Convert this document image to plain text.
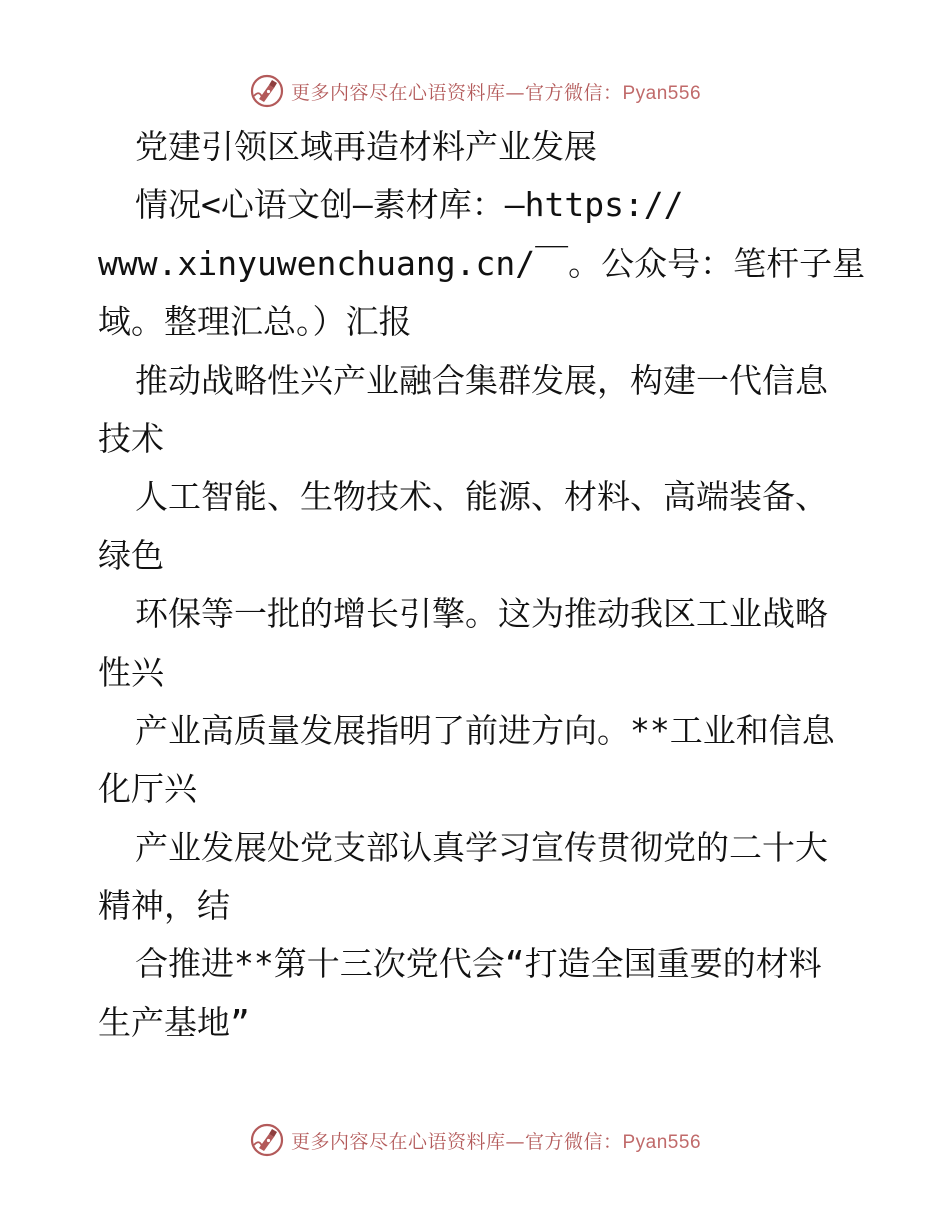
更多内容尽在心语资料库—官方微信：Pyan556
党建引领区域再造材料产业发展
情况<心语文创—素材库：—https://
www.xinyuwenchuang.cn/￣。公众号：笔杆子星
域。整理汇总。）汇报
推动战略性兴产业融合集群发展，构建一代信息
技术
人工智能、生物技术、能源、材料、高端装备、
绿色
环保等一批的增长引擎。这为推动我区工业战略
性兴
产业高质量发展指明了前进方向。**工业和信息
化厅兴
产业发展处党支部认真学习宣传贯彻党的二十大
精神，结
合推进**第十三次党代会“打造全国重要的材料
生产基地”
更多内容尽在心语资料库—官方微信：Pyan556
